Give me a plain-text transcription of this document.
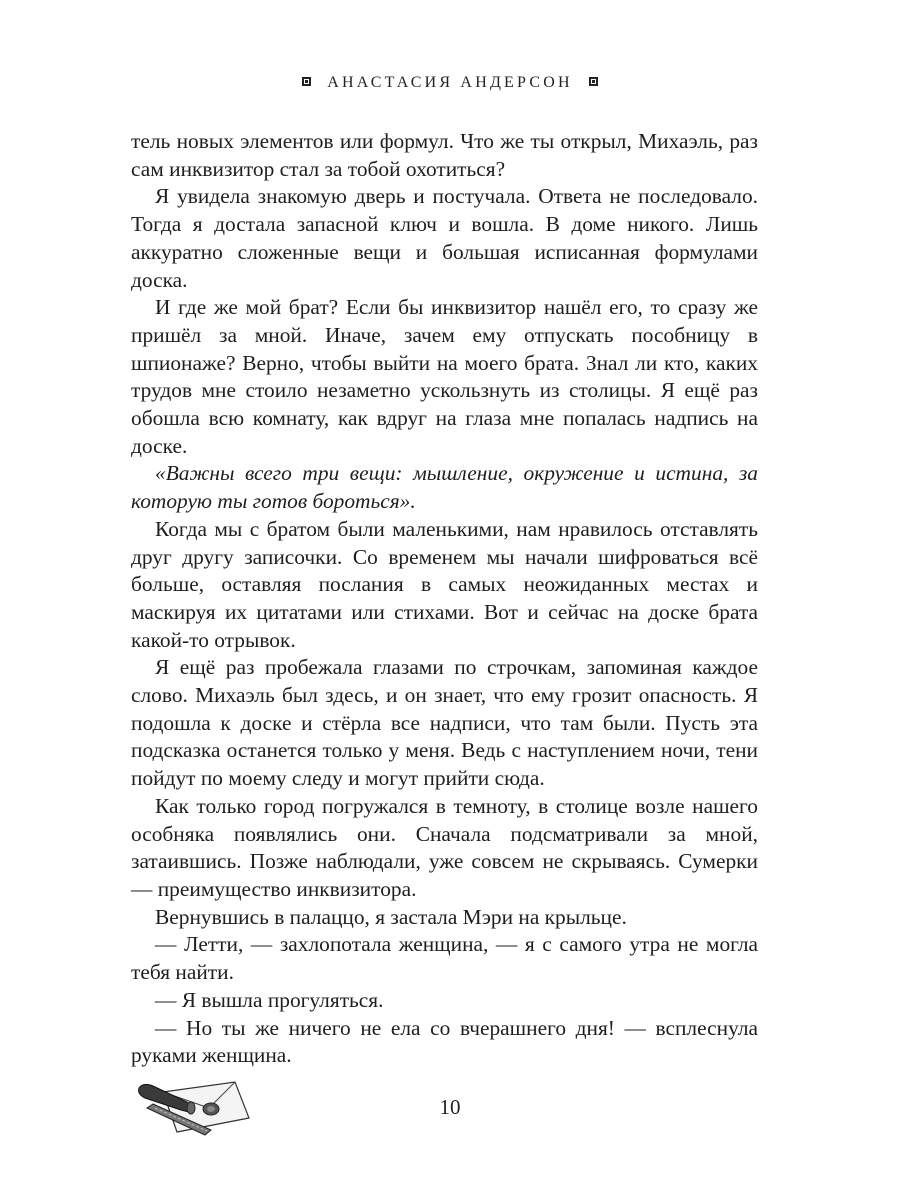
АНАСТАСИЯ АНДЕРСОН

тель новых элементов или формул. Что же ты открыл, Михаэль, раз сам инквизитор стал за тобой охотиться?

Я увидела знакомую дверь и постучала. Ответа не последовало. Тогда я достала запасной ключ и вошла. В доме никого. Лишь аккуратно сложенные вещи и большая исписанная формулами доска.

И где же мой брат? Если бы инквизитор нашёл его, то сразу же пришёл за мной. Иначе, зачем ему отпускать пособницу в шпионаже? Верно, чтобы выйти на моего брата. Знал ли кто, каких трудов мне стоило незаметно ускользнуть из столицы. Я ещё раз обошла всю комнату, как вдруг на глаза мне попалась надпись на доске.

«Важны всего три вещи: мышление, окружение и истина, за которую ты готов бороться».

Когда мы с братом были маленькими, нам нравилось отставлять друг другу записочки. Со временем мы начали шифроваться всё больше, оставляя послания в самых неожиданных местах и маскируя их цитатами или стихами. Вот и сейчас на доске брата какой-то отрывок.

Я ещё раз пробежала глазами по строчкам, запоминая каждое слово. Михаэль был здесь, и он знает, что ему грозит опасность. Я подошла к доске и стёрла все надписи, что там были. Пусть эта подсказка останется только у меня. Ведь с наступлением ночи, тени пойдут по моему следу и могут прийти сюда.

Как только город погружался в темноту, в столице возле нашего особняка появлялись они. Сначала подсматривали за мной, затаившись. Позже наблюдали, уже совсем не скрываясь. Сумерки — преимущество инквизитора.

Вернувшись в палаццо, я застала Мэри на крыльце.

— Летти, — захлопотала женщина, — я с самого утра не могла тебя найти.

— Я вышла прогуляться.

— Но ты же ничего не ела со вчерашнего дня! — всплеснула руками женщина.

10
